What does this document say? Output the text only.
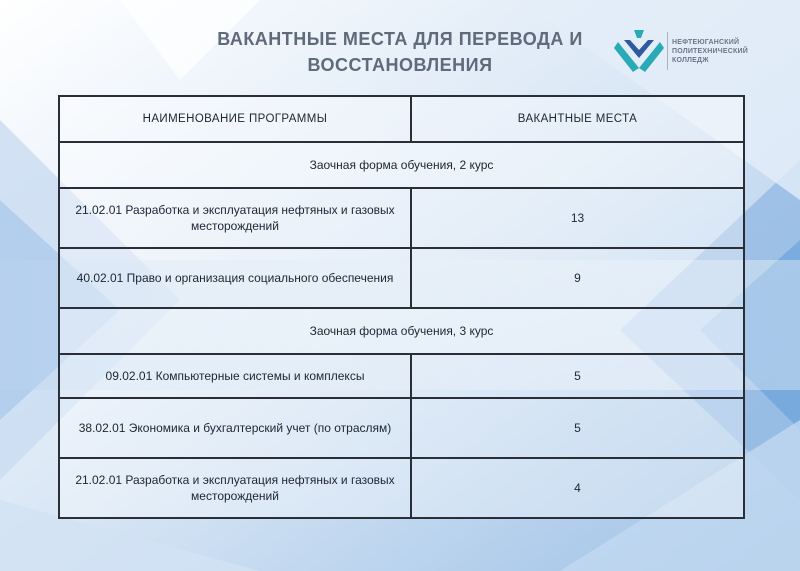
ВАКАНТНЫЕ МЕСТА ДЛЯ ПЕРЕВОДА И
ВОССТАНОВЛЕНИЯ
НЕФТЕЮГАНСКИЙ
ПОЛИТЕХНИЧЕСКИЙ
КОЛЛЕДЖ
НАИМЕНОВАНИЕ ПРОГРАММЫ	ВАКАНТНЫЕ МЕСТА
Заочная форма обучения, 2 курс	
21.02.01 Разработка и эксплуатация нефтяных и газовых месторождений	13
40.02.01 Право и организация социального обеспечения	9
Заочная форма обучения, 3 курс	
09.02.01 Компьютерные системы и комплексы	5
38.02.01 Экономика и бухгалтерский учет (по отраслям)	5
21.02.01 Разработка и эксплуатация нефтяных и газовых месторождений	4
